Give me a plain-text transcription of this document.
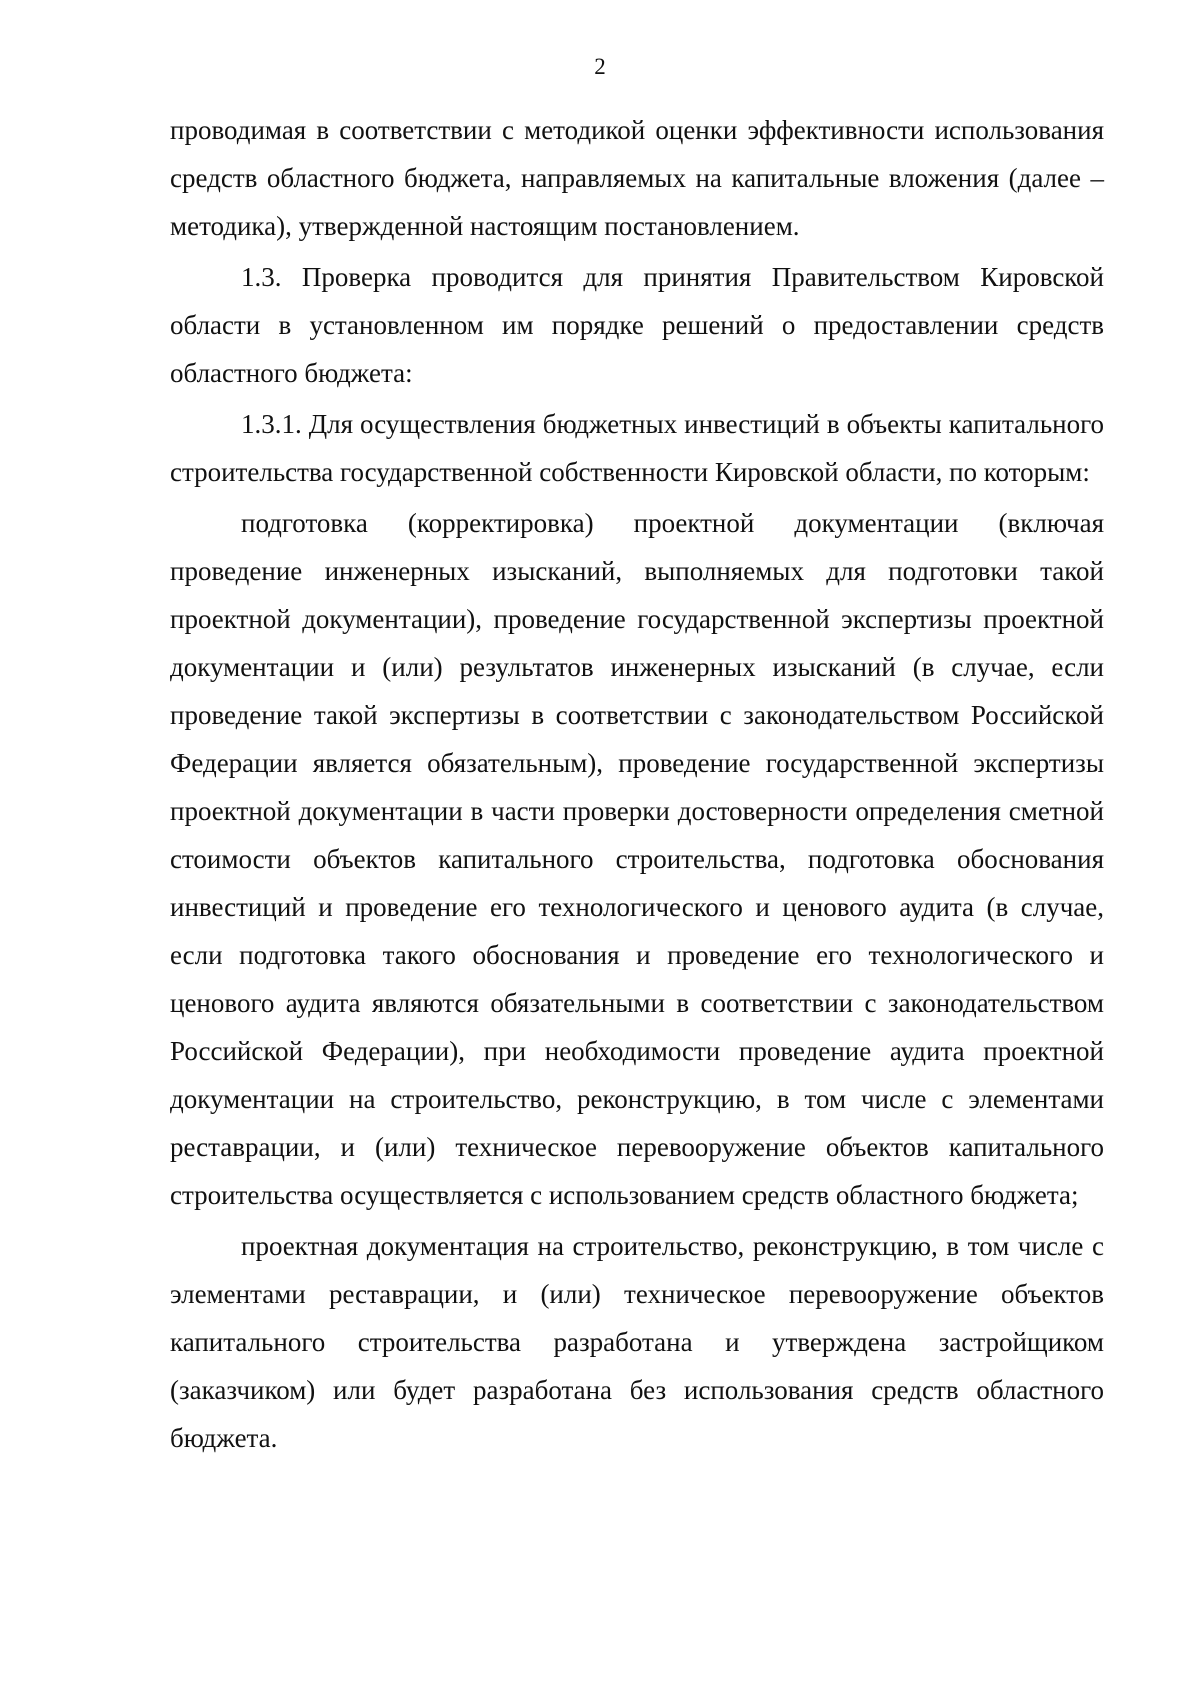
2

проводимая в соответствии с методикой оценки эффективности использования средств областного бюджета, направляемых на капитальные вложения (далее – методика), утвержденной настоящим постановлением.

1.3. Проверка проводится для принятия Правительством Кировской области в установленном им порядке решений о предоставлении средств областного бюджета:

1.3.1. Для осуществления бюджетных инвестиций в объекты капитального строительства государственной собственности Кировской области, по которым:

подготовка (корректировка) проектной документации (включая проведение инженерных изысканий, выполняемых для подготовки такой проектной документации), проведение государственной экспертизы проектной документации и (или) результатов инженерных изысканий (в случае, если проведение такой экспертизы в соответствии с законодательством Российской Федерации является обязательным), проведение государственной экспертизы проектной документации в части проверки достоверности определения сметной стоимости объектов капитального строительства, подготовка обоснования инвестиций и проведение его технологического и ценового аудита (в случае, если подготовка такого обоснования и проведение его технологического и ценового аудита являются обязательными в соответствии с законодательством Российской Федерации), при необходимости проведение аудита проектной документации на строительство, реконструкцию, в том числе с элементами реставрации, и (или) техническое перевооружение объектов капитального строительства осуществляется с использованием средств областного бюджета;

проектная документация на строительство, реконструкцию, в том числе с элементами реставрации, и (или) техническое перевооружение объектов капитального строительства разработана и утверждена застройщиком (заказчиком) или будет разработана без использования средств областного бюджета.
